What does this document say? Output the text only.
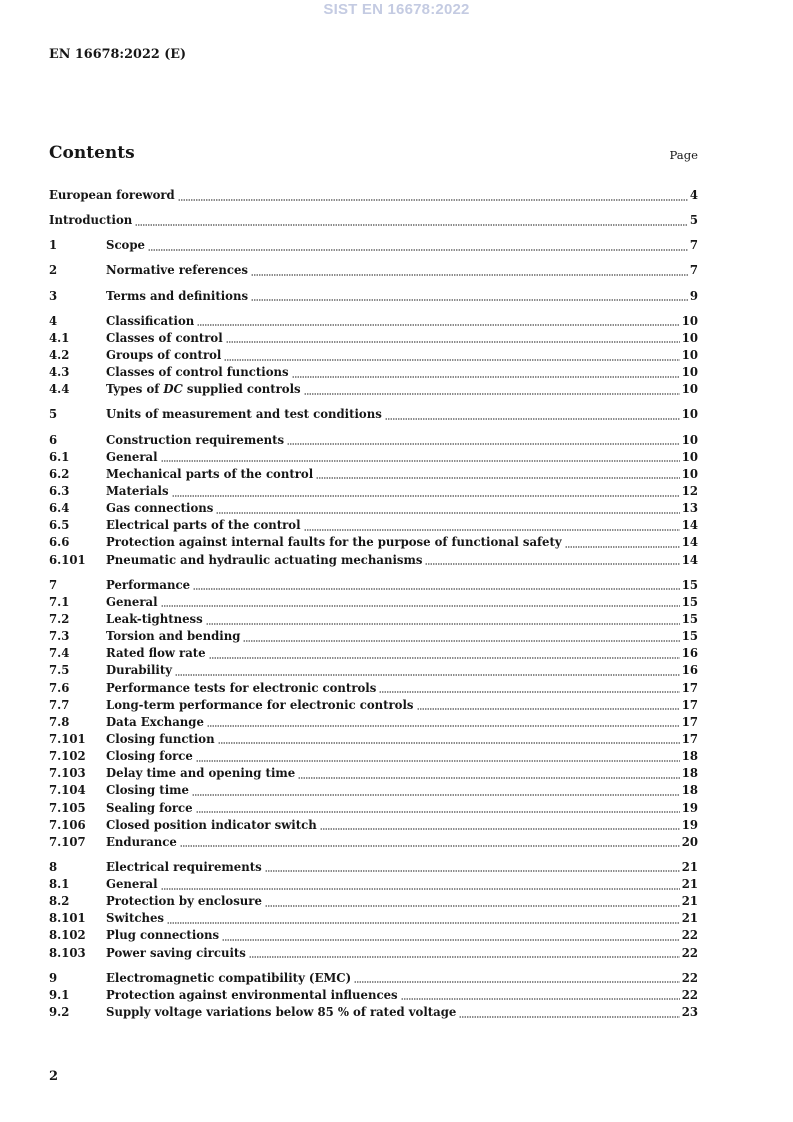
SIST EN 16678:2022
EN 16678:2022 (E)
Contents	Page
European foreword	4
Introduction	5
1	Scope	7
2	Normative references	7
3	Terms and definitions	9
4	Classification	10
4.1	Classes of control	10
4.2	Groups of control	10
4.3	Classes of control functions	10
4.4	Types of DC supplied controls	10
5	Units of measurement and test conditions	10
6	Construction requirements	10
6.1	General	10
6.2	Mechanical parts of the control	10
6.3	Materials	12
6.4	Gas connections	13
6.5	Electrical parts of the control	14
6.6	Protection against internal faults for the purpose of functional safety	14
6.101	Pneumatic and hydraulic actuating mechanisms	14
7	Performance	15
7.1	General	15
7.2	Leak-tightness	15
7.3	Torsion and bending	15
7.4	Rated flow rate	16
7.5	Durability	16
7.6	Performance tests for electronic controls	17
7.7	Long-term performance for electronic controls	17
7.8	Data Exchange	17
7.101	Closing function	17
7.102	Closing force	18
7.103	Delay time and opening time	18
7.104	Closing time	18
7.105	Sealing force	19
7.106	Closed position indicator switch	19
7.107	Endurance	20
8	Electrical requirements	21
8.1	General	21
8.2	Protection by enclosure	21
8.101	Switches	21
8.102	Plug connections	22
8.103	Power saving circuits	22
9	Electromagnetic compatibility (EMC)	22
9.1	Protection against environmental influences	22
9.2	Supply voltage variations below 85 % of rated voltage	23
2
